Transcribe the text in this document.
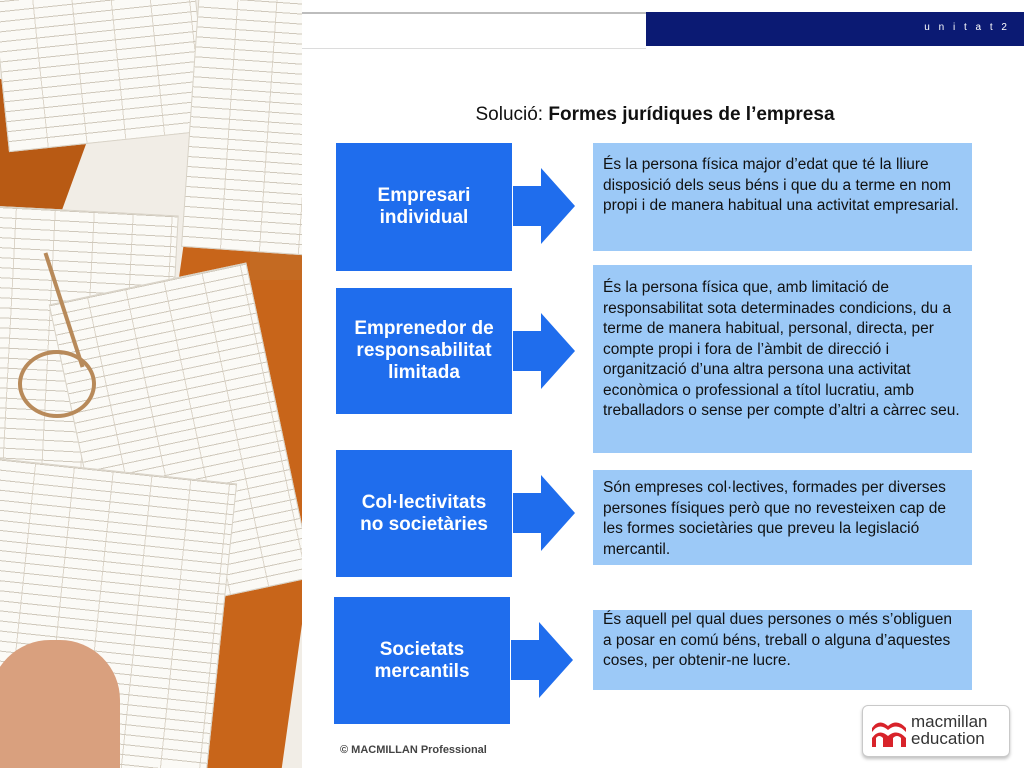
u n i t a t 2
Solució: Formes jurídiques de l’empresa
Empresari individual
És la persona física major d’edat que té la lliure disposició dels seus béns i que du a terme en nom propi i de manera habitual una activitat empresarial.
Emprenedor de responsabilitat limitada
És la persona física que, amb limitació de responsabilitat sota determinades condicions, du a terme de manera habitual, personal, directa, per compte propi i fora de l’àmbit de direcció i organització d’una altra persona una activitat econòmica o professional a títol lucratiu, amb treballadors o sense per compte d’altri a càrrec seu.
Col·lectivitats no societàries
Són empreses col·lectives, formades per diverses persones físiques però que no revesteixen cap de les formes societàries que preveu la legislació mercantil.
Societats mercantils
És aquell pel qual dues persones o més s’obliguen a posar en comú béns, treball o alguna d’aquestes coses, per obtenir-ne lucre.
© MACMILLAN Professional
macmillan
education
